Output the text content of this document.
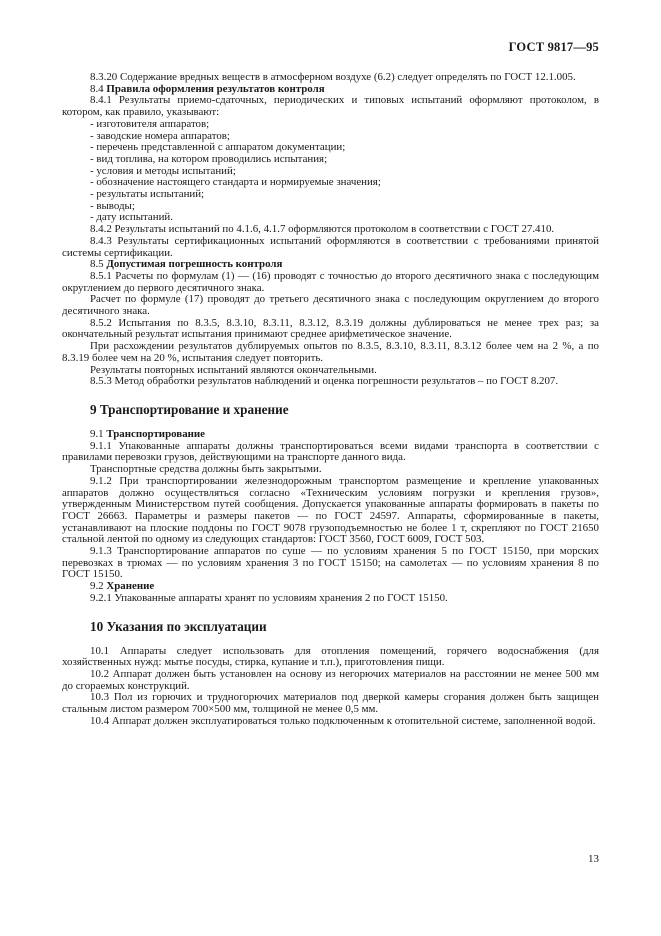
ГОСТ 9817—95

8.3.20 Содержание вредных веществ в атмосферном воздухе (6.2) следует определять по ГОСТ 12.1.005.

8.4 Правила оформления результатов контроля

8.4.1 Результаты приемо-сдаточных, периодических и типовых испытаний оформляют протоколом, в котором, как правило, указывают:

- изготовителя аппаратов;

- заводские номера аппаратов;

- перечень представленной с аппаратом документации;

- вид топлива, на котором проводились испытания;

- условия и методы испытаний;

- обозначение настоящего стандарта и нормируемые значения;

- результаты испытаний;

- выводы;

- дату испытаний.

8.4.2 Результаты испытаний по 4.1.6, 4.1.7 оформляются протоколом в соответствии с ГОСТ 27.410.

8.4.3 Результаты сертификационных испытаний оформляются в соответствии с требованиями принятой системы сертификации.

8.5 Допустимая погрешность контроля

8.5.1 Расчеты по формулам (1) — (16) проводят с точностью до второго десятичного знака с последующим округлением до первого десятичного знака.

Расчет по формуле (17) проводят до третьего десятичного знака с последующим округлением до второго десятичного знака.

8.5.2 Испытания по 8.3.5, 8.3.10, 8.3.11, 8.3.12, 8.3.19 должны дублироваться не менее трех раз; за окончательный результат испытания принимают среднее арифметическое значение.

При расхождении результатов дублируемых опытов по 8.3.5, 8.3.10, 8.3.11, 8.3.12 более чем на 2 %, а по 8.3.19 более чем на 20 %, испытания следует повторить.

Результаты повторных испытаний являются окончательными.

8.5.3 Метод обработки результатов наблюдений и оценка погрешности результатов – по ГОСТ 8.207.

9 Транспортирование и хранение

9.1 Транспортирование

9.1.1 Упакованные аппараты должны транспортироваться всеми видами транспорта в соответствии с правилами перевозки грузов, действующими на транспорте данного вида.

Транспортные средства должны быть закрытыми.

9.1.2 При транспортировании железнодорожным транспортом размещение и крепление упакованных аппаратов должно осуществляться согласно «Техническим условиям погрузки и крепления грузов», утвержденным Министерством путей сообщения. Допускается упакованные аппараты формировать в пакеты по ГОСТ 26663. Параметры и размеры пакетов — по ГОСТ 24597. Аппараты, сформированные в пакеты, устанавливают на плоские поддоны по ГОСТ 9078 грузоподъемностью не более 1 т, скрепляют по ГОСТ 21650 стальной лентой по одному из следующих стандартов: ГОСТ 3560, ГОСТ 6009, ГОСТ 503.

9.1.3 Транспортирование аппаратов по суше — по условиям хранения 5 по ГОСТ 15150, при морских перевозках в трюмах — по условиям хранения 3 по ГОСТ 15150; на самолетах — по условиям хранения 8 по ГОСТ 15150.

9.2 Хранение

9.2.1 Упакованные аппараты хранят по условиям хранения 2 по ГОСТ 15150.

10 Указания по эксплуатации

10.1 Аппараты следует использовать для отопления помещений, горячего водоснабжения (для хозяйственных нужд: мытье посуды, стирка, купание и т.п.), приготовления пищи.

10.2 Аппарат должен быть установлен на основу из негорючих материалов на расстоянии не менее 500 мм до сгораемых конструкций.

10.3 Пол из горючих и трудногорючих материалов под дверкой камеры сгорания должен быть защищен стальным листом размером 700×500 мм, толщиной не менее 0,5 мм.

10.4 Аппарат должен эксплуатироваться только подключенным к отопительной системе, заполненной водой.

13
